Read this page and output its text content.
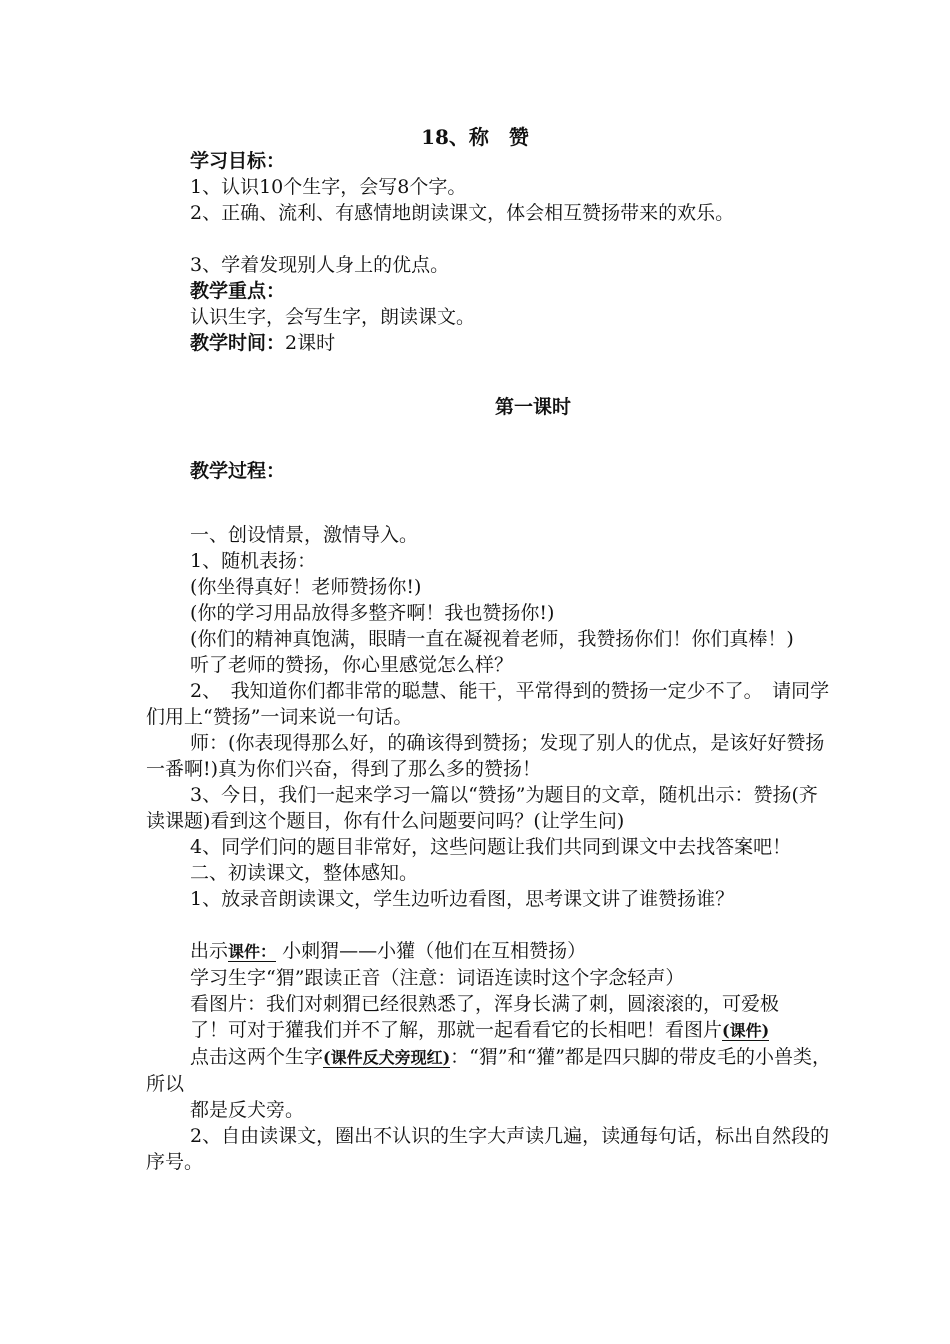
18、称　赞

学习目标：

1、认识10个生字，会写8个字。

2、正确、流利、有感情地朗读课文，体会相互赞扬带来的欢乐。

3、学着发现别人身上的优点。

教学重点：

认识生字，会写生字，朗读课文。

教学时间：2课时

第一课时

教学过程：

一、创设情景，激情导入。

1、随机表扬：

(你坐得真好！老师赞扬你!)

(你的学习用品放得多整齐啊！我也赞扬你!)

(你们的精神真饱满，眼睛一直在凝视着老师，我赞扬你们！你们真棒！)

听了老师的赞扬，你心里感觉怎么样？

2、　我知道你们都非常的聪慧、能干，平常得到的赞扬一定少不了。　请同学们用上“赞扬”一词来说一句话。

师：(你表现得那么好，的确该得到赞扬；发现了别人的优点，是该好好赞扬一番啊!)真为你们兴奋，得到了那么多的赞扬！

3、今日，我们一起来学习一篇以“赞扬”为题目的文章，随机出示：赞扬(齐读课题)看到这个题目，你有什么问题要问吗？(让学生问)

4、同学们问的题目非常好，这些问题让我们共同到课文中去找答案吧！

二、初读课文，整体感知。

1、放录音朗读课文，学生边听边看图，思考课文讲了谁赞扬谁？

出示课件： 小刺猬——小獾（他们在互相赞扬）

学习生字“猬”跟读正音（注意：词语连读时这个字念轻声）

看图片：我们对刺猬已经很熟悉了，浑身长满了刺，圆滚滚的，可爱极

了！可对于獾我们并不了解，那就一起看看它的长相吧！看图片(课件)

点击这两个生字(课件反犬旁现红)：“猬”和“獾”都是四只脚的带皮毛的小兽类，所以

都是反犬旁。

2、自由读课文，圈出不认识的生字大声读几遍，读通每句话，标出自然段的序号。
